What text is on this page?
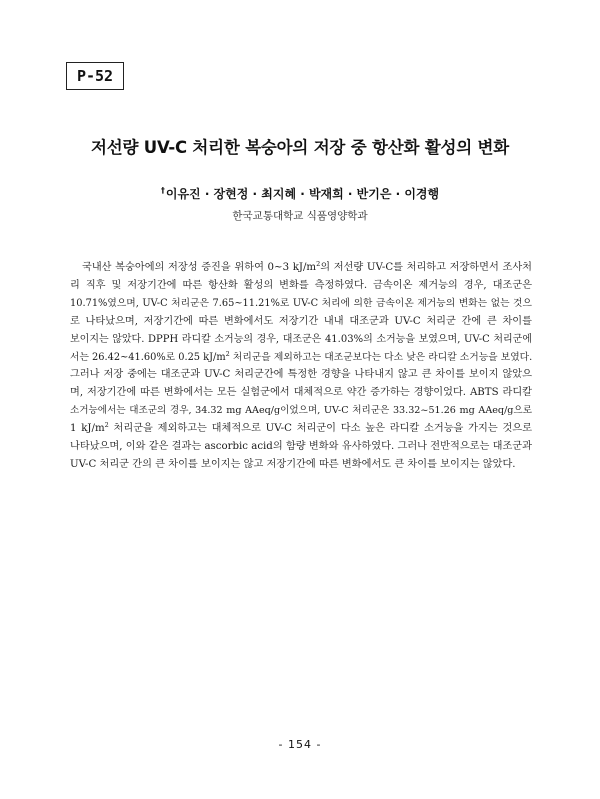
P-52
저선량 UV-C 처리한 복숭아의 저장 중 항산화 활성의 변화
†이유진 · 장현정 · 최지혜 · 박재희 · 반기은 · 이경행
한국교통대학교 식품영양학과
국내산 복숭아에의 저장성 증진을 위하여 0~3 $kJ/m^2$의 저선량 UV-C를 처리하고 저장하면서 조사처
리 직후 및 저장기간에 따른 항산화 활성의 변화를 측정하였다. 금속이온 제거능의 경우, 대조군은
10.71%였으며, UV-C 처리군은 7.65~11.21%로 UV-C 처리에 의한 금속이온 제거능의 변화는 없는 것으
로 나타났으며, 저장기간에 따른 변화에서도 저장기간 내내 대조군과 UV-C 처리군 간에 큰 차이를
보이지는 않았다. DPPH 라디칼 소거능의 경우, 대조군은 41.03%의 소거능을 보였으며, UV-C 처리군에
서는 26.42~41.60%로 0.25 $kJ/m^2$ 처리군을 제외하고는 대조군보다는 다소 낮은 라디칼 소거능을 보였다.
그러나 저장 중에는 대조군과 UV-C 처리군간에 특정한 경향을 나타내지 않고 큰 차이를 보이지 않았으
며, 저장기간에 따른 변화에서는 모든 실험군에서 대체적으로 약간 증가하는 경향이었다. ABTS 라디칼
소거능에서는 대조군의 경우, 34.32 mg AAeq/g이었으며, UV-C 처리군은 33.32~51.26 mg AAeq/g으로
1 $kJ/m^2$ 처리군을 제외하고는 대체적으로 UV-C 처리군이 다소 높은 라디칼 소거능을 가지는 것으로
나타났으며, 이와 같은 결과는 ascorbic acid의 함량 변화와 유사하였다. 그러나 전반적으로는 대조군과
UV-C 처리군 간의 큰 차이를 보이지는 않고 저장기간에 따른 변화에서도 큰 차이를 보이지는 않았다.
- 154 -
